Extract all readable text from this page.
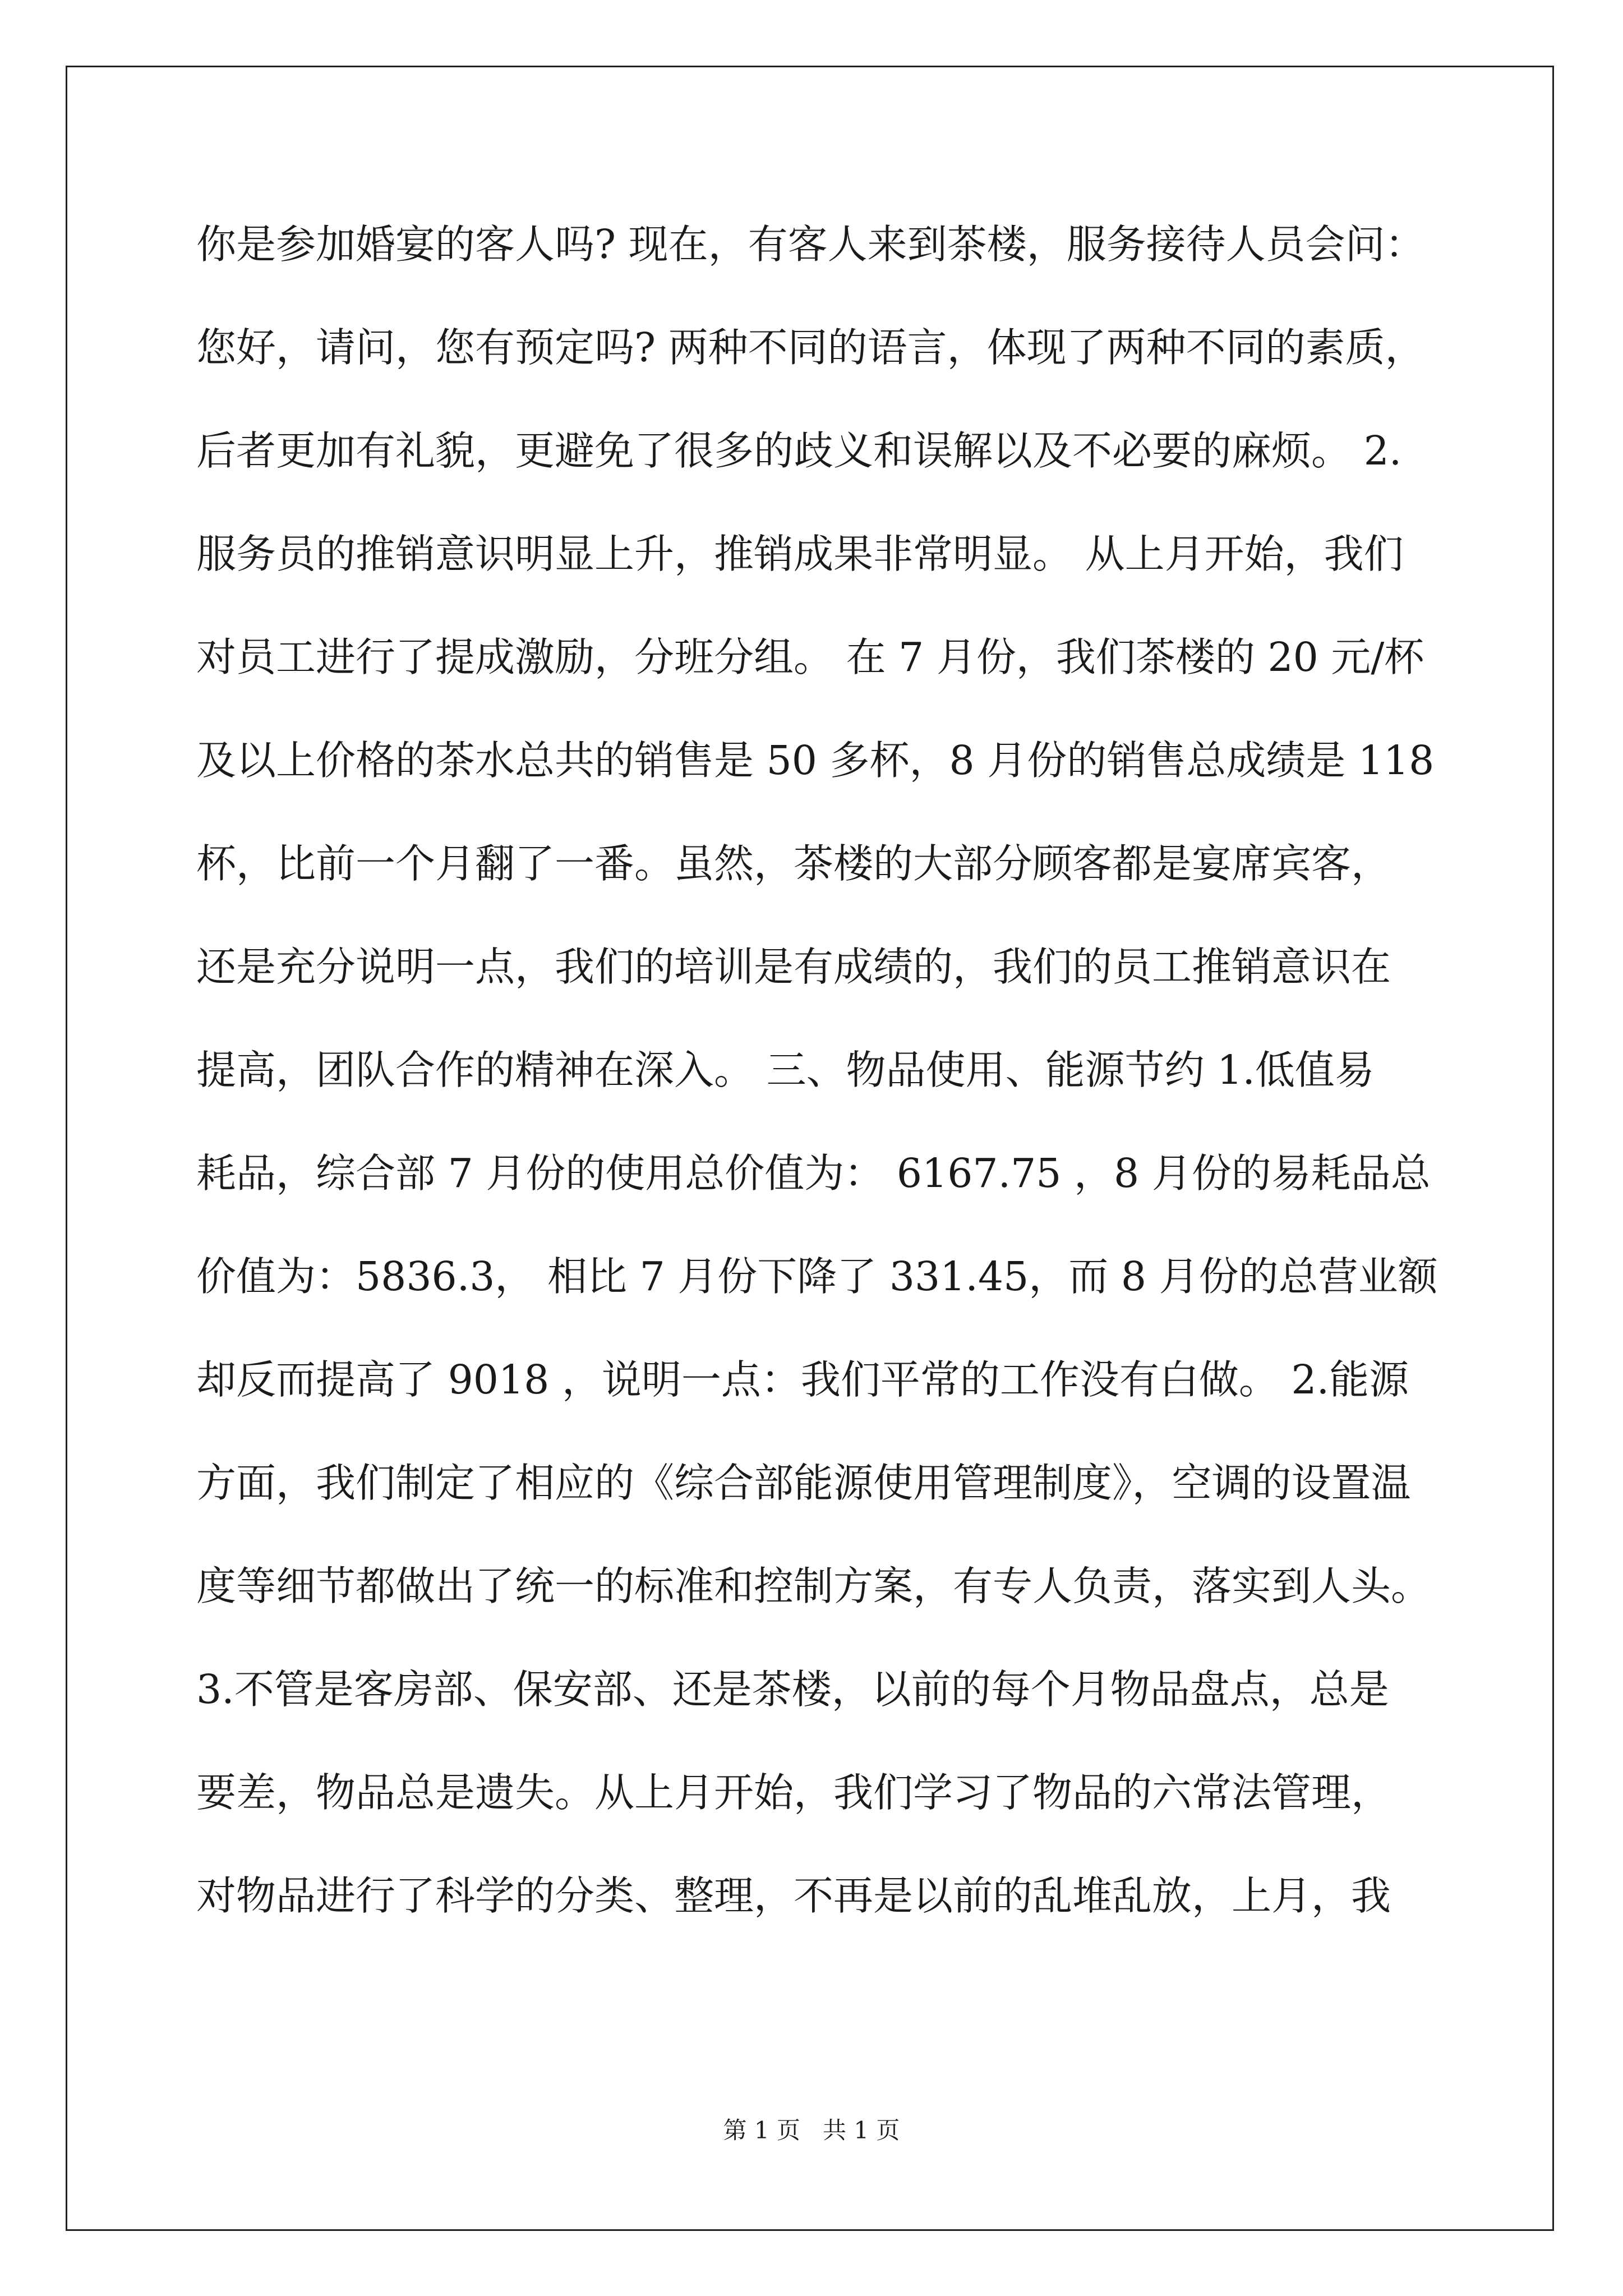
你是参加婚宴的客人吗? 现在，有客人来到茶楼，服务接待人员会问：
您好，请问，您有预定吗? 两种不同的语言，体现了两种不同的素质，
后者更加有礼貌，更避免了很多的歧义和误解以及不必要的麻烦。 2.
服务员的推销意识明显上升，推销成果非常明显。 从上月开始，我们
对员工进行了提成激励，分班分组。 在 7 月份，我们茶楼的 20 元/杯
及以上价格的茶水总共的销售是 50 多杯，8 月份的销售总成绩是 118
杯，比前一个月翻了一番。虽然，茶楼的大部分顾客都是宴席宾客，
还是充分说明一点，我们的培训是有成绩的，我们的员工推销意识在
提高，团队合作的精神在深入。 三、物品使用、能源节约 1.低值易
耗品，综合部 7 月份的使用总价值为： 6167.75 ，8 月份的易耗品总
价值为：5836.3， 相比 7 月份下降了 331.45，而 8 月份的总营业额
却反而提高了 9018 ，说明一点：我们平常的工作没有白做。 2.能源
方面，我们制定了相应的《综合部能源使用管理制度》，空调的设置温
度等细节都做出了统一的标准和控制方案，有专人负责，落实到人头。
3.不管是客房部、保安部、还是茶楼，以前的每个月物品盘点，总是
要差，物品总是遗失。从上月开始，我们学习了物品的六常法管理，
对物品进行了科学的分类、整理，不再是以前的乱堆乱放，上月，我
第 1 页 共 1 页
